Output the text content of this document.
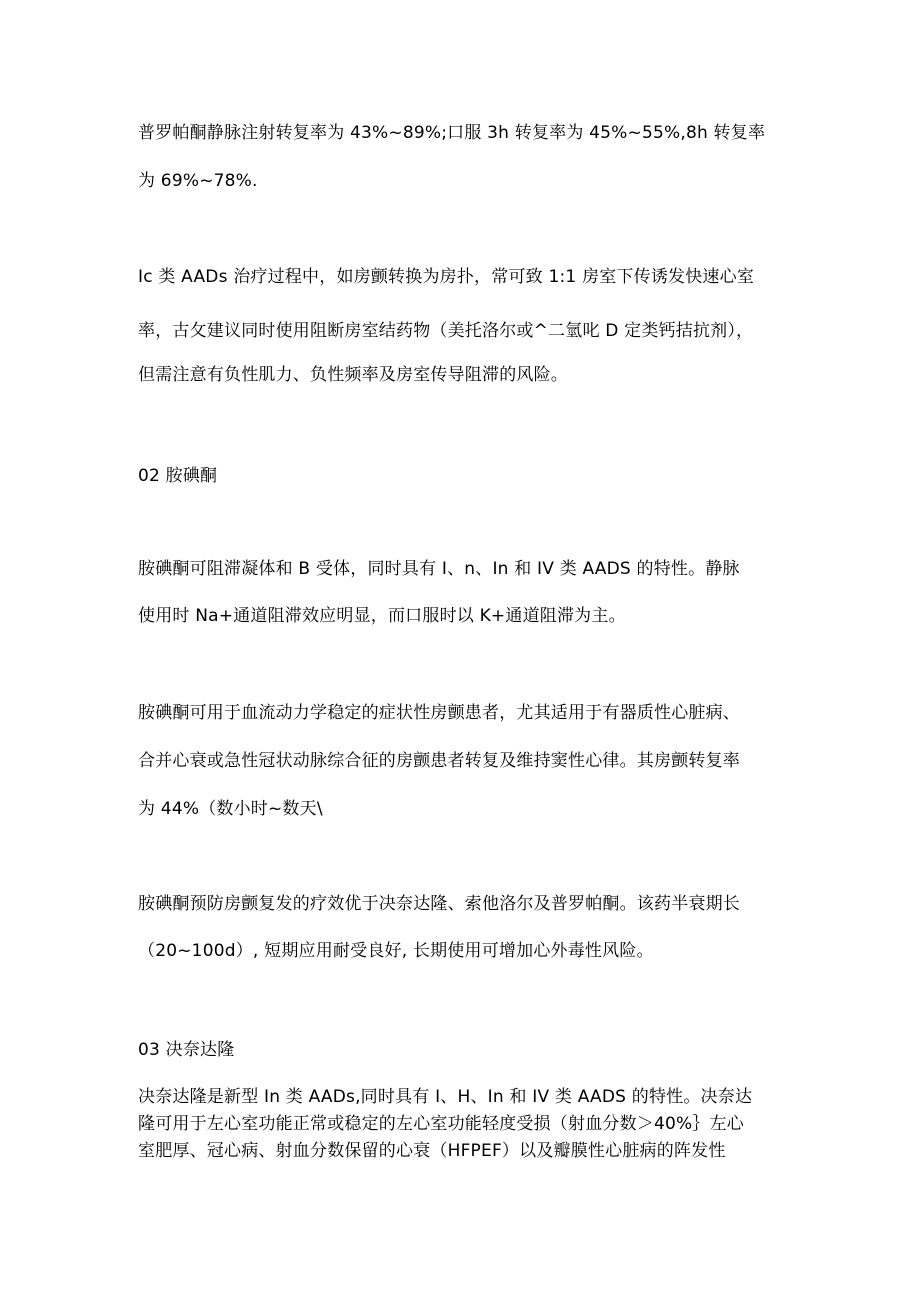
普罗帕酮静脉注射转复率为 43%~89%;口服 3h 转复率为 45%~55%,8h 转复率
为 69%~78%.
Ic 类 AADs 治疗过程中，如房颤转换为房扑，常可致 1:1 房室下传诱发快速心室
率，古攵建议同时使用阻断房室结药物（美托洛尔或^二氫叱 D 定类钙拮抗剂），
但需注意有负性肌力、负性频率及房室传导阻滞的风险。
02 胺碘酮
胺碘酮可阻滞凝体和 B 受体，同时具有 I、n、In 和 IV 类 AADS 的特性。静脉
使用时 Na+通道阻滞效应明显，而口服时以 K+通道阻滞为主。
胺碘酮可用于血流动力学稳定的症状性房颤患者，尤其适用于有器质性心脏病、
合并心衰或急性冠状动脉综合征的房颤患者转复及维持窦性心律。其房颤转复率
为 44%（数小时~数天\
胺碘酮预防房颤复发的疗效优于决奈达隆、索他洛尔及普罗帕酮。该药半衰期长
（20~100d）, 短期应用耐受良好, 长期使用可增加心外毒性风险。
03 决奈达隆
决奈达隆是新型 In 类 AADs,同时具有 I、H、In 和 IV 类 AADS 的特性。决奈达
隆可用于左心室功能正常或稳定的左心室功能轻度受损（射血分数＞40%｝左心
室肥厚、冠心病、射血分数保留的心衰（HFPEF）以及瓣膜性心脏病的阵发性
